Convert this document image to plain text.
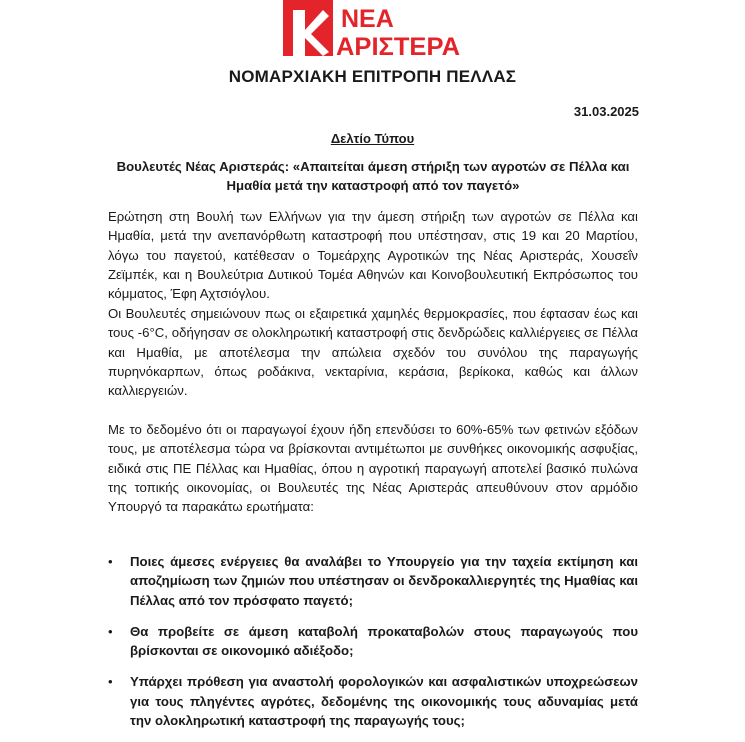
ΝΕΑ
ΑΡΙΣΤΕΡΑ
ΝΟΜΑΡΧΙΑΚΗ ΕΠΙΤΡΟΠΗ ΠΕΛΛΑΣ
31.03.2025
Δελτίο Τύπου
Βουλευτές Νέας Αριστεράς: «Απαιτείται άμεση στήριξη των αγροτών σε Πέλλα και Ημαθία μετά την καταστροφή από τον παγετό»

Ερώτηση στη Βουλή των Ελλήνων για την άμεση στήριξη των αγροτών σε Πέλλα και Ημαθία, μετά την ανεπανόρθωτη καταστροφή που υπέστησαν, στις 19 και 20 Μαρτίου, λόγω του παγετού, κατέθεσαν ο Τομεάρχης Αγροτικών της Νέας Αριστεράς, Χουσεΐν Ζεϊμπέκ, και η Βουλεύτρια Δυτικού Τομέα Αθηνών και Κοινοβουλευτική Εκπρόσωπος του κόμματος, Έφη Αχτσιόγλου.

Οι Βουλευτές σημειώνουν πως οι εξαιρετικά χαμηλές θερμοκρασίες, που έφτασαν έως και τους -6°C, οδήγησαν σε ολοκληρωτική καταστροφή στις δενδρώδεις καλλιέργειες σε Πέλλα και Ημαθία, με αποτέλεσμα την απώλεια σχεδόν του συνόλου της παραγωγής πυρηνόκαρπων, όπως ροδάκινα, νεκταρίνια, κεράσια, βερίκοκα, καθώς και άλλων καλλιεργειών.

Με το δεδομένο ότι οι παραγωγοί έχουν ήδη επενδύσει το 60%-65% των φετινών εξόδων τους, με αποτέλεσμα τώρα να βρίσκονται αντιμέτωποι με συνθήκες οικονομικής ασφυξίας, ειδικά στις ΠΕ Πέλλας και Ημαθίας, όπου η αγροτική παραγωγή αποτελεί βασικό πυλώνα της τοπικής οικονομίας, οι Βουλευτές της Νέας Αριστεράς απευθύνουν στον αρμόδιο Υπουργό τα παρακάτω ερωτήματα:

• Ποιες άμεσες ενέργειες θα αναλάβει το Υπουργείο για την ταχεία εκτίμηση και αποζημίωση των ζημιών που υπέστησαν οι δενδροκαλλιεργητές της Ημαθίας και Πέλλας από τον πρόσφατο παγετό;
• Θα προβείτε σε άμεση καταβολή προκαταβολών στους παραγωγούς που βρίσκονται σε οικονομικό αδιέξοδο;
• Υπάρχει πρόθεση για αναστολή φορολογικών και ασφαλιστικών υποχρεώσεων για τους πληγέντες αγρότες, δεδομένης της οικονομικής τους αδυναμίας μετά την ολοκληρωτική καταστροφή της παραγωγής τους;
